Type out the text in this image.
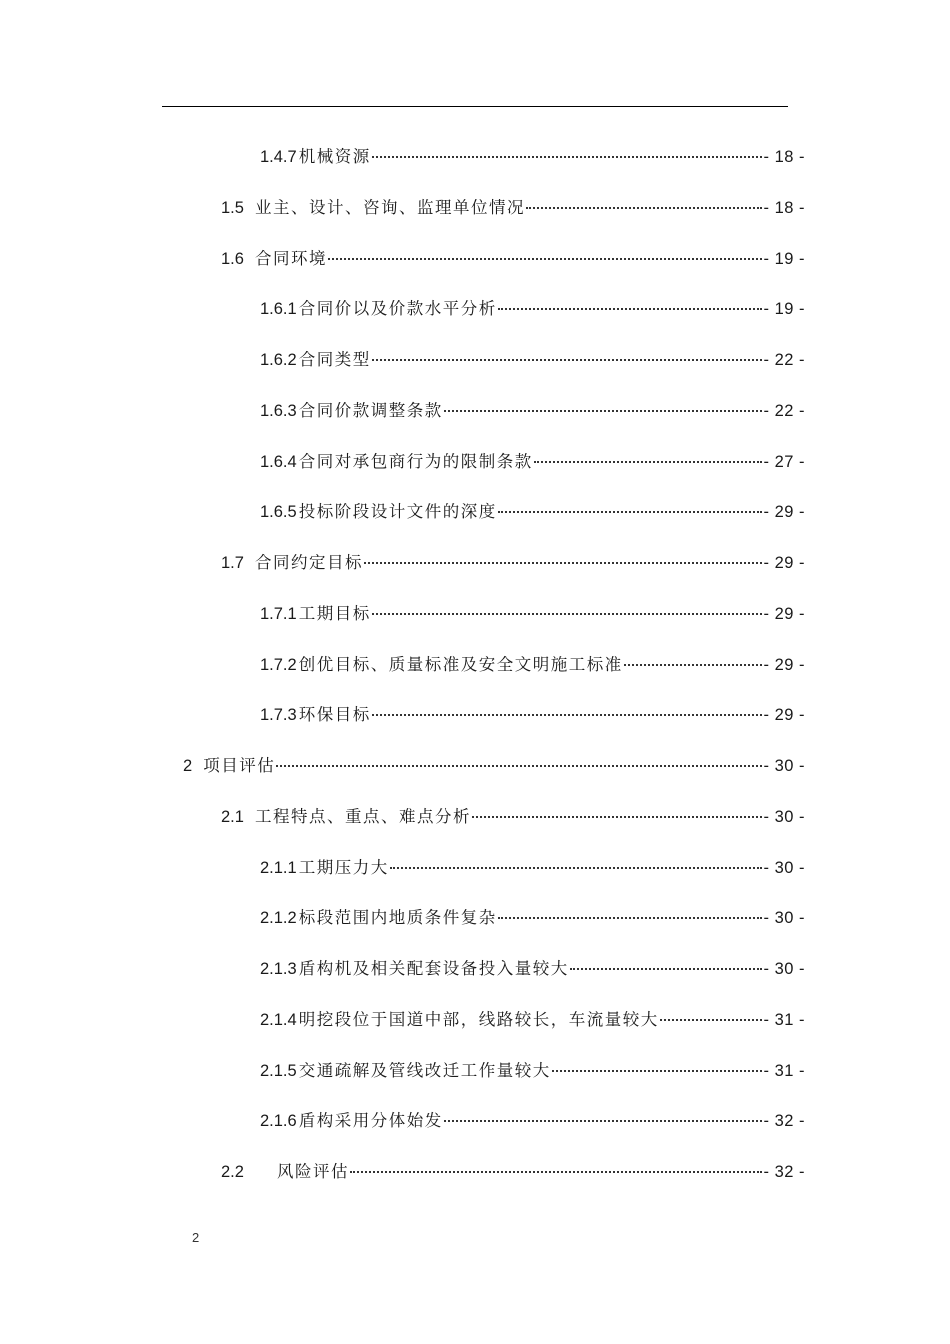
1.4.7 机械资源	- 18 -
1.5 业主、设计、咨询、监理单位情况	- 18 -
1.6 合同环境	- 19 -
1.6.1 合同价以及价款水平分析	- 19 -
1.6.2 合同类型	- 22 -
1.6.3 合同价款调整条款	- 22 -
1.6.4 合同对承包商行为的限制条款	- 27 -
1.6.5 投标阶段设计文件的深度	- 29 -
1.7 合同约定目标	- 29 -
1.7.1 工期目标	- 29 -
1.7.2 创优目标、质量标准及安全文明施工标准	- 29 -
1.7.3 环保目标	- 29 -
2 项目评估	- 30 -
2.1 工程特点、重点、难点分析	- 30 -
2.1.1 工期压力大	- 30 -
2.1.2 标段范围内地质条件复杂	- 30 -
2.1.3 盾构机及相关配套设备投入量较大	- 30 -
2.1.4 明挖段位于国道中部，线路较长，车流量较大	- 31 -
2.1.5 交通疏解及管线改迁工作量较大	- 31 -
2.1.6 盾构采用分体始发	- 32 -
2.2 风险评估	- 32 -
2
